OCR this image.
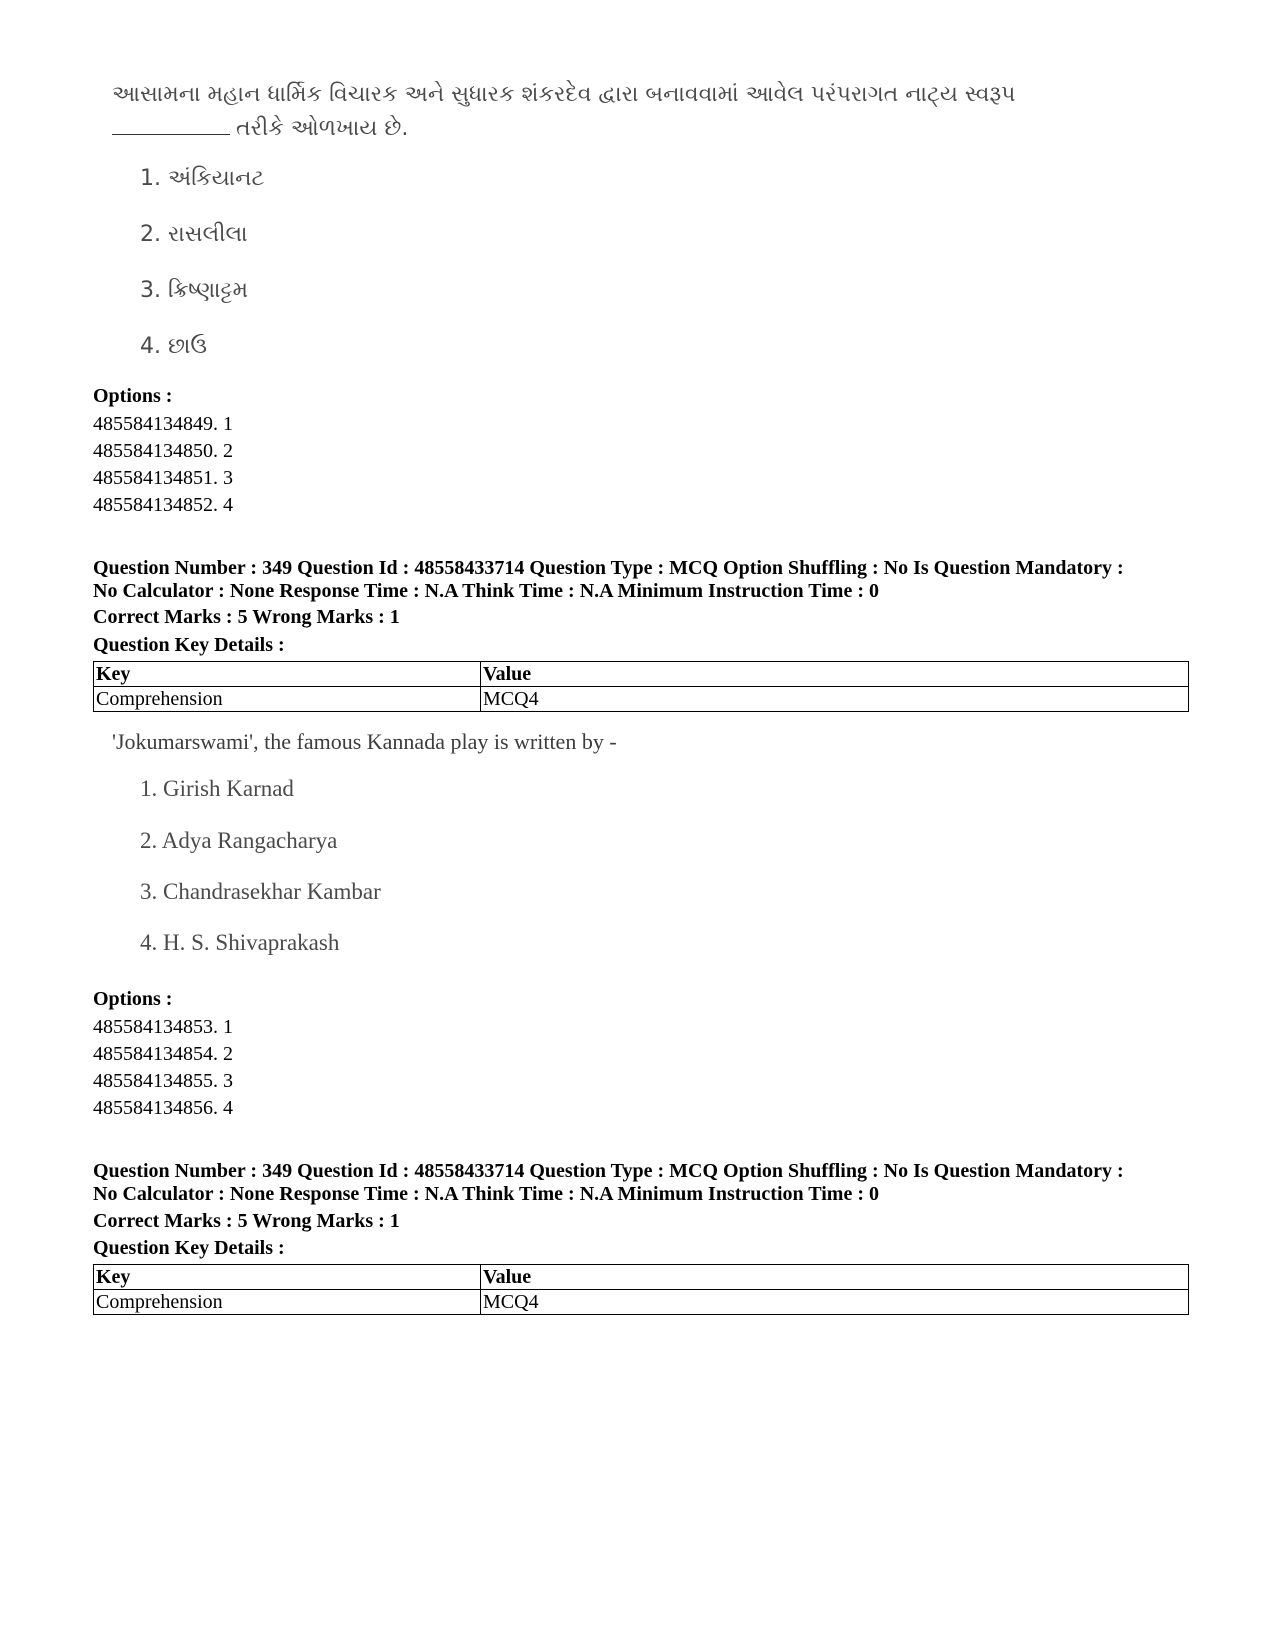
આસામના મહાન ધાર્મિક વિચારક અને સુધારક શંકરદેવ દ્વારા બનાવવામાં આવેલ પરંપરાગત નાટ્ય સ્વરૂપ
તરીકે ઓળખાય છે.
1. અંકિયાનટ
2. રાસલીલા
3. ક્રિષ્ણાટ્ટમ
4. છાઉ
Options :
485584134849. 1
485584134850. 2
485584134851. 3
485584134852. 4
Question Number : 349 Question Id : 48558433714 Question Type : MCQ Option Shuffling : No Is Question Mandatory :
No Calculator : None Response Time : N.A Think Time : N.A Minimum Instruction Time : 0
Correct Marks : 5 Wrong Marks : 1
Question Key Details :
Key	Value
Comprehension	MCQ4
'Jokumarswami', the famous Kannada play is written by -
1. Girish Karnad
2. Adya Rangacharya
3. Chandrasekhar Kambar
4. H. S. Shivaprakash
Options :
485584134853. 1
485584134854. 2
485584134855. 3
485584134856. 4
Question Number : 349 Question Id : 48558433714 Question Type : MCQ Option Shuffling : No Is Question Mandatory :
No Calculator : None Response Time : N.A Think Time : N.A Minimum Instruction Time : 0
Correct Marks : 5 Wrong Marks : 1
Question Key Details :
Key	Value
Comprehension	MCQ4
